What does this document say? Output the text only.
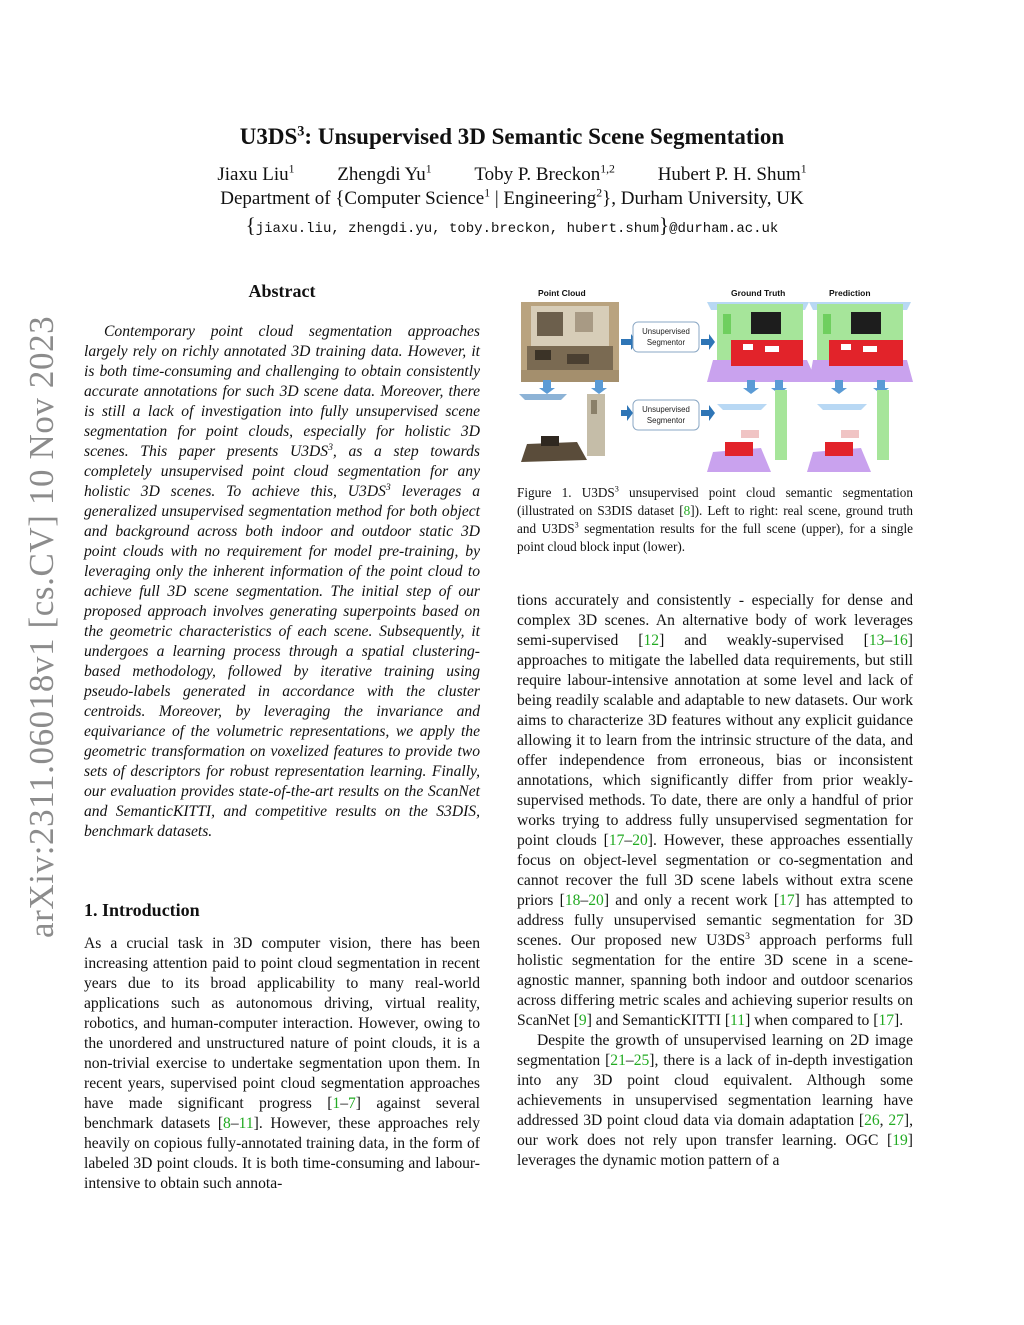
arXiv:2311.06018v1 [cs.CV] 10 Nov 2023
$U3DS^3$: Unsupervised 3D Semantic Scene Segmentation
Jiaxu Liu$^1$ Zhengdi Yu$^1$ Toby P. Breckon$^{1,2}$ Hubert P. H. Shum$^1$
Department of {Computer Science$^1$ | Engineering$^2$}, Durham University, UK
{jiaxu.liu, zhengdi.yu, toby.breckon, hubert.shum}@durham.ac.uk
Abstract
Contemporary point cloud segmentation approaches largely rely on richly annotated 3D training data. However, it is both time-consuming and challenging to obtain consistently accurate annotations for such 3D scene data. Moreover, there is still a lack of investigation into fully unsupervised scene segmentation for point clouds, especially for holistic 3D scenes. This paper presents $U3DS^3$, as a step towards completely unsupervised point cloud segmentation for any holistic 3D scenes. To achieve this, $U3DS^3$ leverages a generalized unsupervised segmentation method for both object and background across both indoor and outdoor static 3D point clouds with no requirement for model pre-training, by leveraging only the inherent information of the point cloud to achieve full 3D scene segmentation. The initial step of our proposed approach involves generating superpoints based on the geometric characteristics of each scene. Subsequently, it undergoes a learning process through a spatial clustering-based methodology, followed by iterative training using pseudo-labels generated in accordance with the cluster centroids. Moreover, by leveraging the invariance and equivariance of the volumetric representations, we apply the geometric transformation on voxelized features to provide two sets of descriptors for robust representation learning. Finally, our evaluation provides state-of-the-art results on the ScanNet and SemanticKITTI, and competitive results on the S3DIS, benchmark datasets.
1. Introduction
As a crucial task in 3D computer vision, there has been increasing attention paid to point cloud segmentation in recent years due to its broad applicability to many real-world applications such as autonomous driving, virtual reality, robotics, and human-computer interaction. However, owing to the unordered and unstructured nature of point clouds, it is a non-trivial exercise to undertake segmentation upon them. In recent years, supervised point cloud segmentation approaches have made significant progress [1–7] against several benchmark datasets [8–11]. However, these approaches rely heavily on copious fully-annotated training data, in the form of labeled 3D point clouds. It is both time-consuming and labour-intensive to obtain such annota-
Point Cloud	Ground Truth	Prediction
Unsupervised
Segmentor
Unsupervised
Segmentor
Figure 1. $U3DS^3$ unsupervised point cloud semantic segmentation (illustrated on S3DIS dataset [8]). Left to right: real scene, ground truth and $U3DS^3$ segmentation results for the full scene (upper), for a single point cloud block input (lower).

tions accurately and consistently - especially for dense and complex 3D scenes. An alternative body of work leverages semi-supervised [12] and weakly-supervised [13–16] approaches to mitigate the labelled data requirements, but still require labour-intensive annotation at some level and lack of being readily scalable and adaptable to new datasets. Our work aims to characterize 3D features without any explicit guidance allowing it to learn from the intrinsic structure of the data, and offer independence from erroneous, bias or inconsistent annotations, which significantly differ from prior weakly-supervised methods. To date, there are only a handful of prior works trying to address fully unsupervised segmentation for point clouds [17–20]. However, these approaches essentially focus on object-level segmentation or co-segmentation and cannot recover the full 3D scene labels without extra scene priors [18–20] and only a recent work [17] has attempted to address fully unsupervised semantic segmentation for 3D scenes. Our proposed new $U3DS^3$ approach performs full holistic segmentation for the entire 3D scene in a scene-agnostic manner, spanning both indoor and outdoor scenarios across differing metric scales and achieving superior results on ScanNet [9] and SemanticKITTI [11] when compared to [17].

Despite the growth of unsupervised learning on 2D image segmentation [21–25], there is a lack of in-depth investigation into any 3D point cloud equivalent. Although some achievements in unsupervised segmentation learning have addressed 3D point cloud data via domain adaptation [26, 27], our work does not rely upon transfer learning. OGC [19] leverages the dynamic motion pattern of a
